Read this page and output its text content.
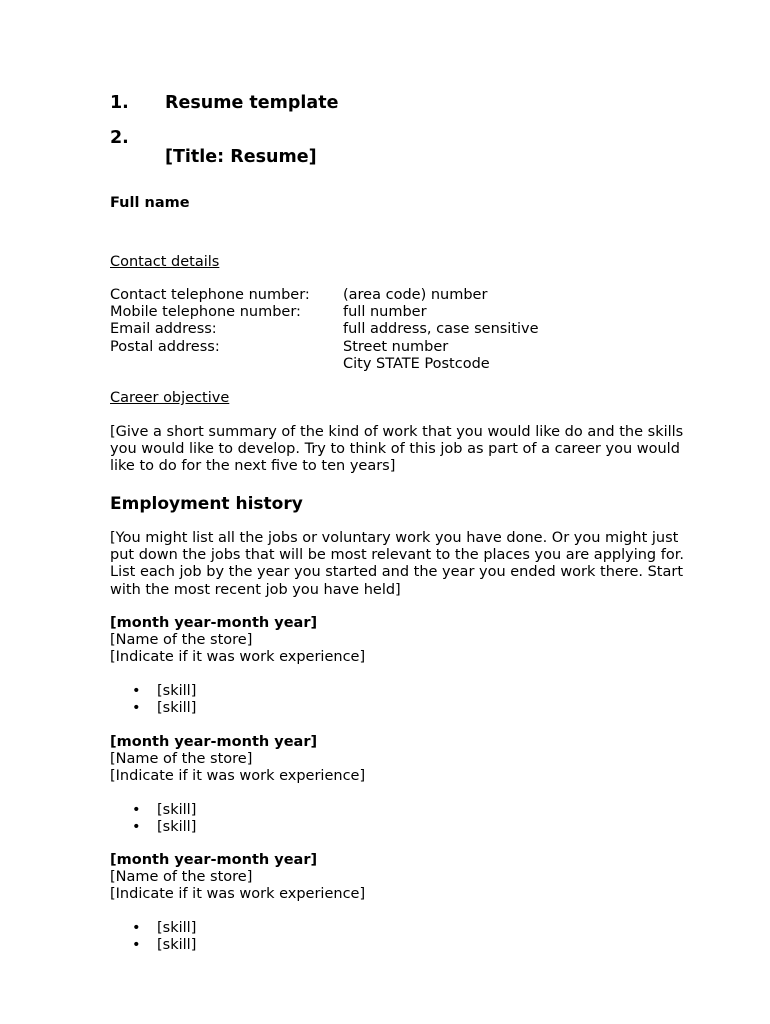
1. Resume template
2.
[Title: Resume]
Full name
Contact details
Contact telephone number:	(area code) number
Mobile telephone number:	full number
Email address:	full address, case sensitive
Postal address:	Street number
City STATE Postcode
Career objective
[Give a short summary of the kind of work that you would like do and the skills you would like to develop. Try to think of this job as part of a career you would like to do for the next five to ten years]
Employment history
[You might list all the jobs or voluntary work you have done. Or you might just put down the jobs that will be most relevant to the places you are applying for. List each job by the year you started and the year you ended work there. Start with the most recent job you have held]
[month year-month year]
[Name of the store]
[Indicate if it was work experience]
• [skill]
• [skill]
[month year-month year]
[Name of the store]
[Indicate if it was work experience]
• [skill]
• [skill]
[month year-month year]
[Name of the store]
[Indicate if it was work experience]
• [skill]
• [skill]
